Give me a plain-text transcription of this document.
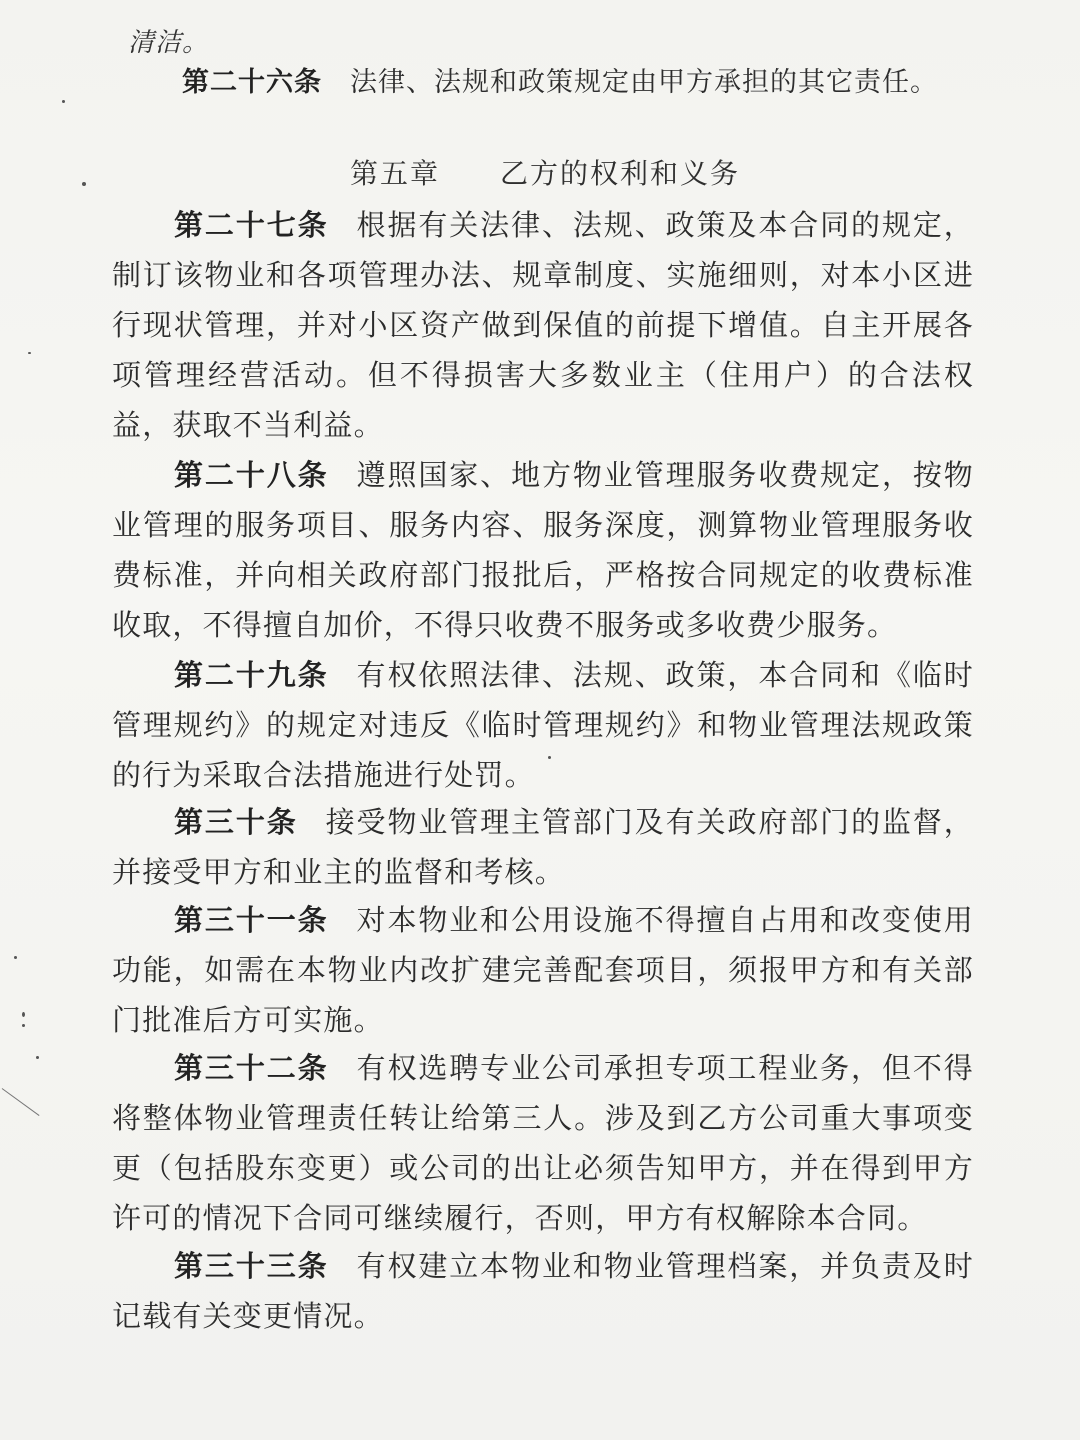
清洁。
第二十六条 法律、法规和政策规定由甲方承担的其它责任。
第五章 乙方的权利和义务
第二十七条 根据有关法律、法规、政策及本合同的规定，制订该物业和各项管理办法、规章制度、实施细则，对本小区进行现状管理，并对小区资产做到保值的前提下增值。自主开展各项管理经营活动。但不得损害大多数业主（住用户）的合法权益，获取不当利益。
第二十八条 遵照国家、地方物业管理服务收费规定，按物业管理的服务项目、服务内容、服务深度，测算物业管理服务收费标准，并向相关政府部门报批后，严格按合同规定的收费标准收取，不得擅自加价，不得只收费不服务或多收费少服务。
第二十九条 有权依照法律、法规、政策，本合同和《临时管理规约》的规定对违反《临时管理规约》和物业管理法规政策的行为采取合法措施进行处罚。
第三十条 接受物业管理主管部门及有关政府部门的监督，并接受甲方和业主的监督和考核。
第三十一条 对本物业和公用设施不得擅自占用和改变使用功能，如需在本物业内改扩建完善配套项目，须报甲方和有关部门批准后方可实施。
第三十二条 有权选聘专业公司承担专项工程业务，但不得将整体物业管理责任转让给第三人。涉及到乙方公司重大事项变更（包括股东变更）或公司的出让必须告知甲方，并在得到甲方许可的情况下合同可继续履行，否则，甲方有权解除本合同。
第三十三条 有权建立本物业和物业管理档案，并负责及时记载有关变更情况。
